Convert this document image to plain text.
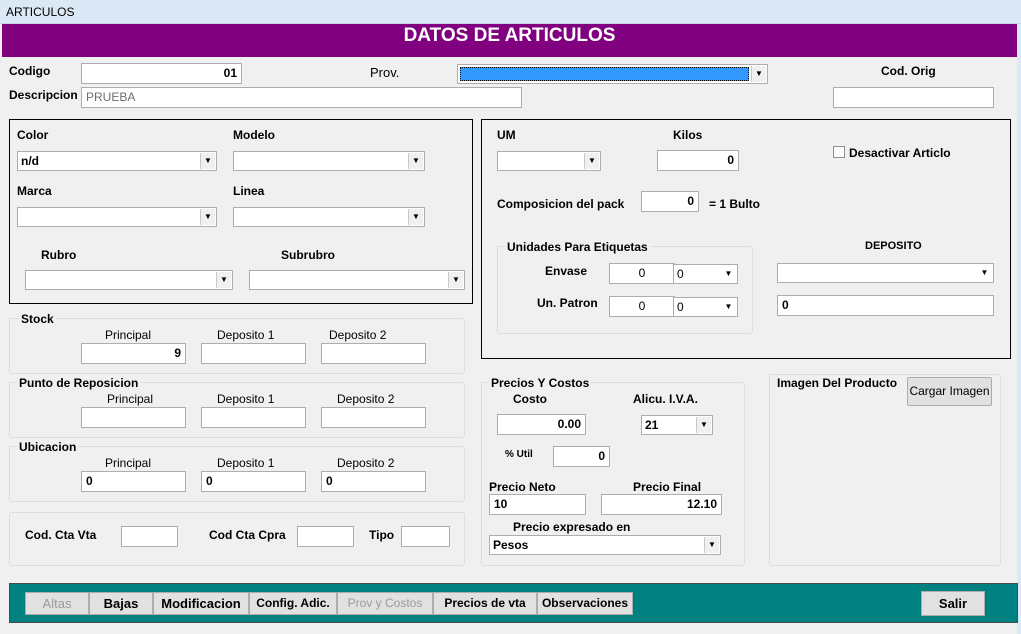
ARTICULOS
DATOS DE ARTICULOS
Codigo	01	Prov.	▼	Cod. Orig
Descripcion PRUEBA
Color
n/d	▼
Modelo
▼
Marca
▼
Linea
▼
Rubro
▼
Subrubro
▼
UM
▼
Kilos
0	Desactivar Articlo
Composicion del pack	0	= 1 Bulto
Unidades Para Etiquetas
Envase	0	0	▼
Un. Patron	0	0	▼
DEPOSITO
▼
0
Stock
Principal	Deposito 1	Deposito 2
9
Punto de Reposicion
Principal	Deposito 1	Deposito 2
Ubicacion
Principal	Deposito 1	Deposito 2
0	0	0
Cod. Cta Vta	Cod Cta Cpra	Tipo
Precios Y Costos
Costo
0.00
Alicu. I.V.A.
21	▼
% Util	0
Precio Neto
10
Precio Final
12.10
Precio expresado en
Pesos	▼
Imagen Del Producto
Cargar Imagen
Altas	Bajas	Modificacion	Config. Adic.	Prov y Costos	Precios de vta	Observaciones	Salir
